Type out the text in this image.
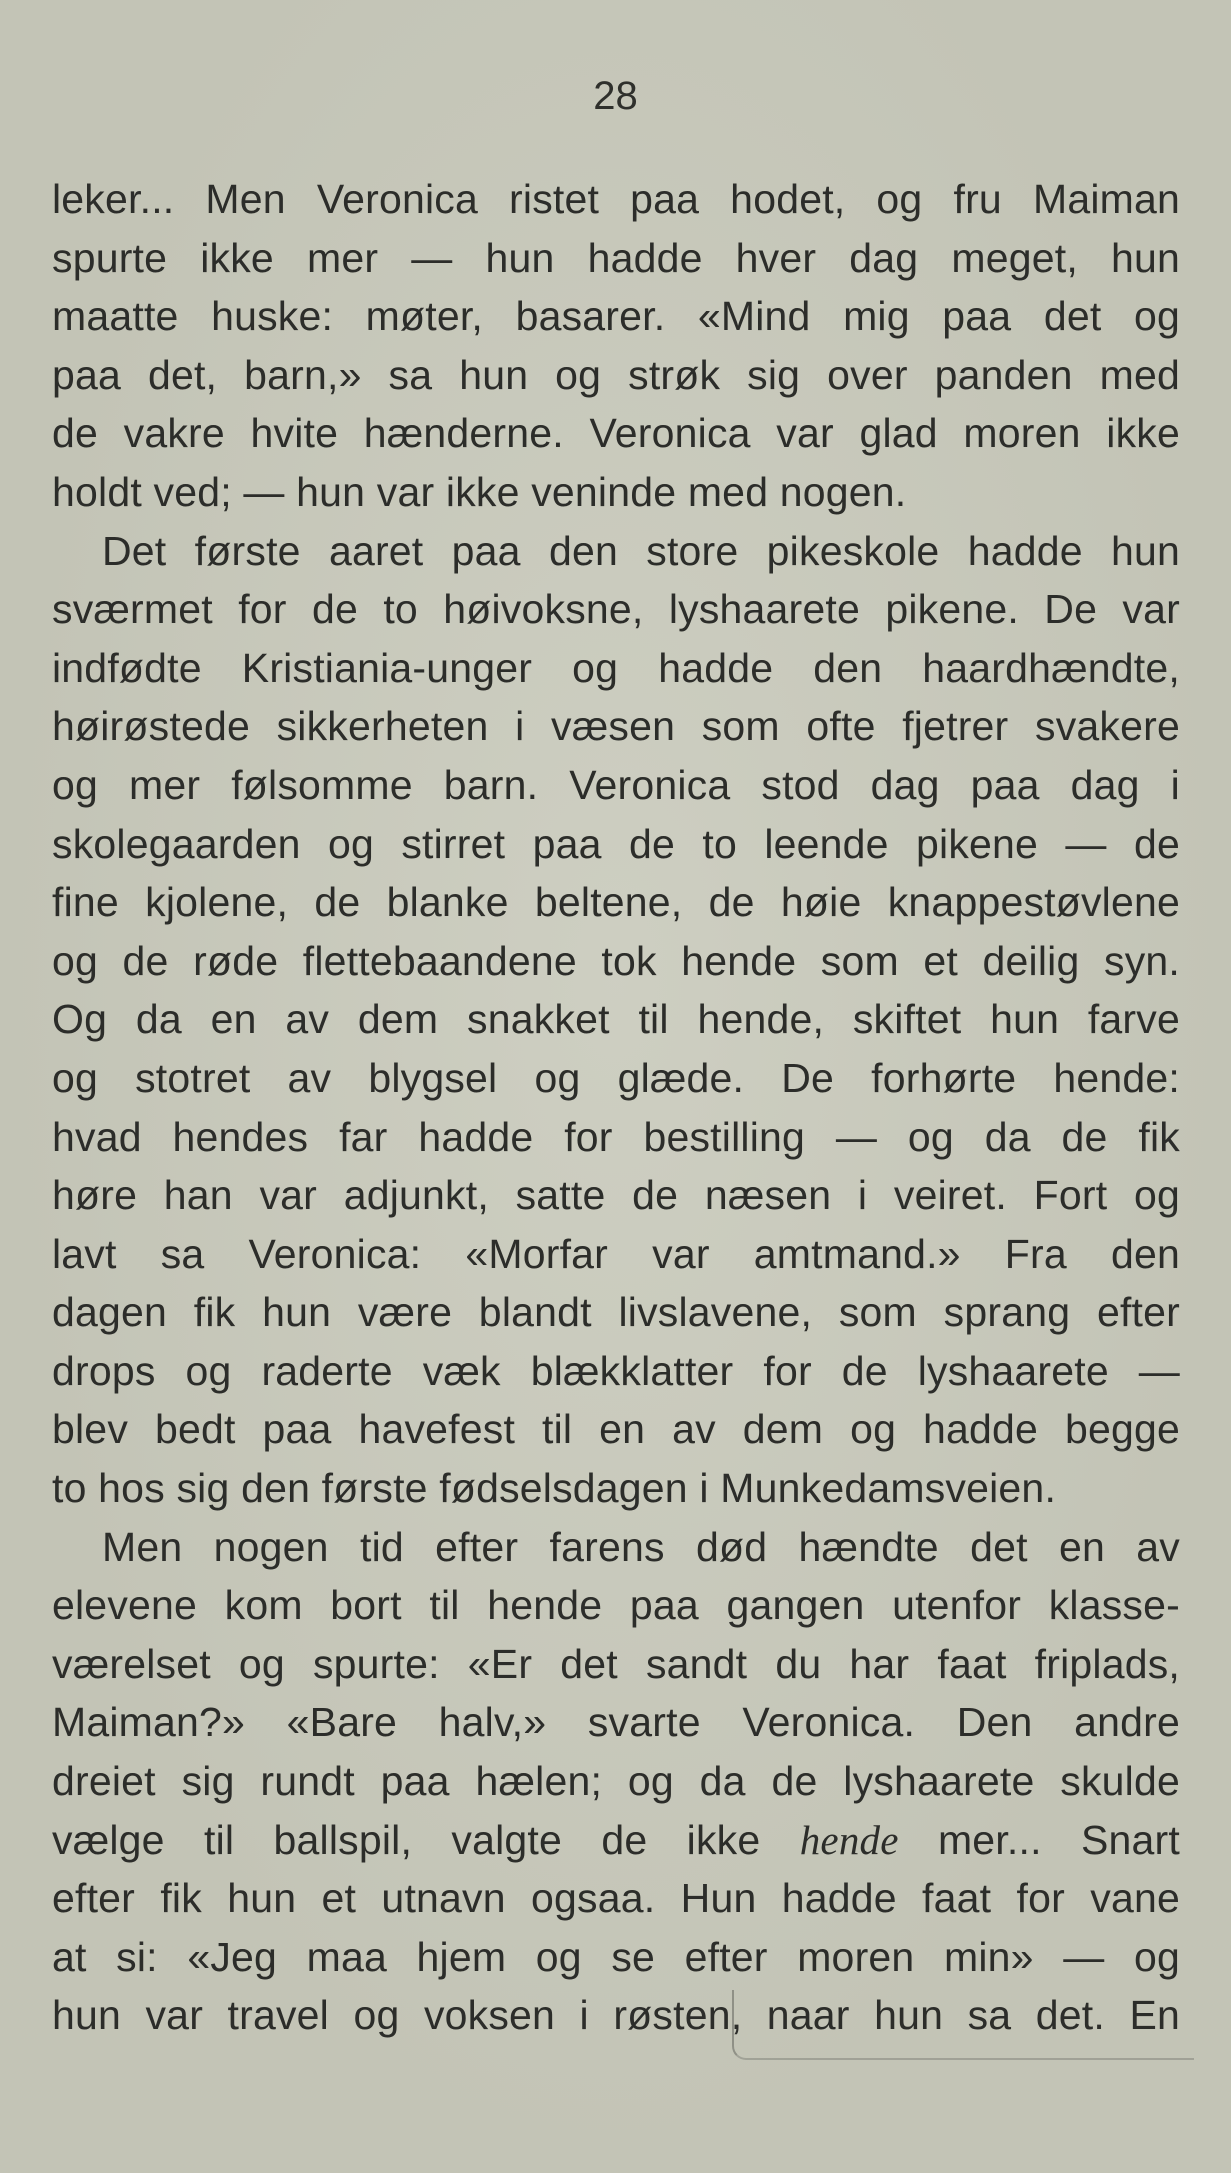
28
leker... Men Veronica ristet paa hodet, og fru Maiman
spurte ikke mer — hun hadde hver dag meget, hun
maatte huske: møter, basarer. «Mind mig paa det og
paa det, barn,» sa hun og strøk sig over panden med
de vakre hvite hænderne. Veronica var glad moren ikke
holdt ved; — hun var ikke veninde med nogen.
Det første aaret paa den store pikeskole hadde hun
sværmet for de to høivoksne, lyshaarete pikene. De var
indfødte Kristiania-unger og hadde den haardhændte,
høirøstede sikkerheten i væsen som ofte fjetrer svakere
og mer følsomme barn. Veronica stod dag paa dag i
skolegaarden og stirret paa de to leende pikene — de
fine kjolene, de blanke beltene, de høie knappestøvlene
og de røde flettebaandene tok hende som et deilig syn.
Og da en av dem snakket til hende, skiftet hun farve
og stotret av blygsel og glæde. De forhørte hende:
hvad hendes far hadde for bestilling — og da de fik
høre han var adjunkt, satte de næsen i veiret. Fort og
lavt sa Veronica: «Morfar var amtmand.» Fra den
dagen fik hun være blandt livslavene, som sprang efter
drops og raderte væk blækklatter for de lyshaarete —
blev bedt paa havefest til en av dem og hadde begge
to hos sig den første fødselsdagen i Munkedamsveien.
Men nogen tid efter farens død hændte det en av
elevene kom bort til hende paa gangen utenfor klasse-
værelset og spurte: «Er det sandt du har faat friplads,
Maiman?» «Bare halv,» svarte Veronica. Den andre
dreiet sig rundt paa hælen; og da de lyshaarete skulde
vælge til ballspil, valgte de ikke hende mer... Snart
efter fik hun et utnavn ogsaa. Hun hadde faat for vane
at si: «Jeg maa hjem og se efter moren min» — og
hun var travel og voksen i røsten, naar hun sa det. En
